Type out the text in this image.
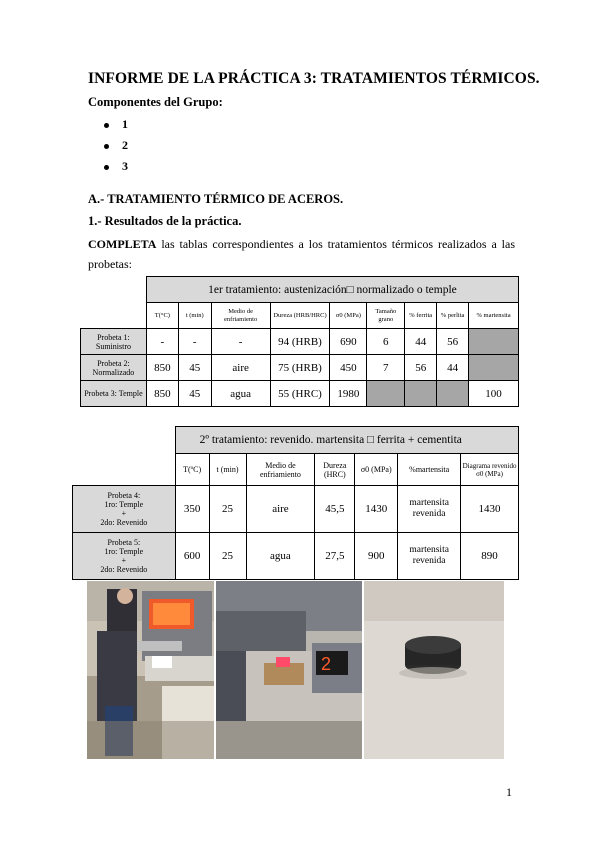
INFORME DE LA PRÁCTICA 3: TRATAMIENTOS TÉRMICOS.
Componentes del Grupo:
1
2
3
A.- TRATAMIENTO TÉRMICO DE ACEROS.
1.- Resultados de la práctica.
COMPLETA las tablas correspondientes a los tratamientos térmicos realizados a las probetas:
	1er tratamiento: austenización□ normalizado o temple								
	T(°C)	t (min)	Medio de enfriamiento	Dureza (HRB/HRC)	σ0 (MPa)	Tamaño grano	% ferrita	% perlita	% martensita
Probeta 1: Suministro	-	-	-	94 (HRB)	690	6	44	56	
Probeta 2: Normalizado	850	45	aire	75 (HRB)	450	7	56	44	
Probeta 3: Temple	850	45	agua	55 (HRC)	1980				100
	2º tratamiento: revenido. martensita □ ferrita + cementita						
	T(ºC)	t (min)	Medio de enfriamiento	Dureza (HRC)	σ0 (MPa)	%martensita	Diagrama revenido σ0 (MPa)

Probeta 4:
1ro: Temple
+
2do: Revenido	350	25	aire	45,5	1430	martensita revenida	1430

Probeta 5:
1ro: Temple
+
2do: Revenido	600	25	agua	27,5	900	martensita revenida	890
2
1
